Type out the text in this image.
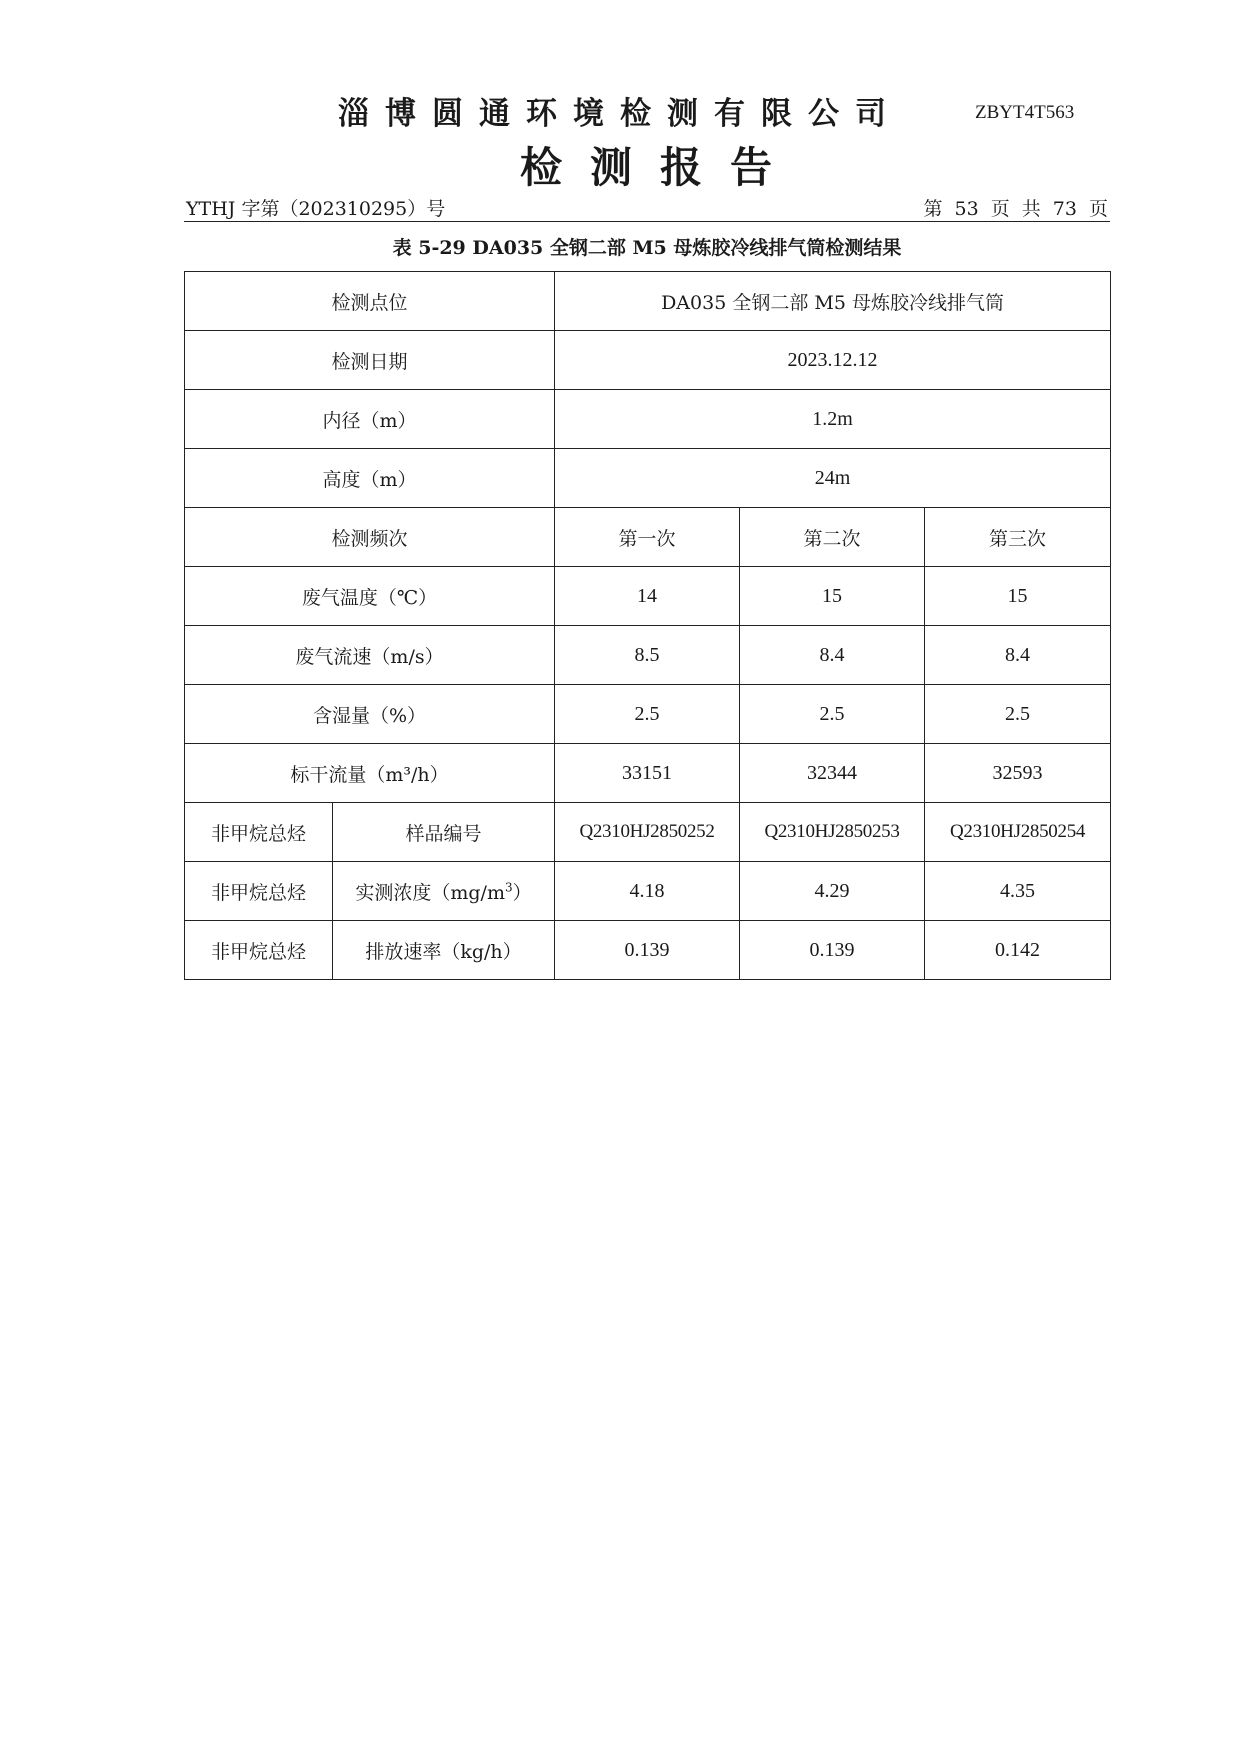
淄博圆通环境检测有限公司	ZBYT4T563
检测报告
YTHJ 字第（202310295）号	第 53 页 共 73 页
表 5-29 DA035 全钢二部 M5 母炼胶冷线排气筒检测结果
检测点位		DA035 全钢二部 M5 母炼胶冷线排气筒		
检测日期		2023.12.12		
内径（m）		1.2m		
高度（m）		24m		
检测频次		第一次	第二次	第三次
废气温度（℃）		14	15	15
废气流速（m/s）		8.5	8.4	8.4
含湿量（%）		2.5	2.5	2.5
标干流量（m³/h）		33151	32344	32593
非甲烷总烃	样品编号	Q2310HJ2850252	Q2310HJ2850253	Q2310HJ2850254
非甲烷总烃	实测浓度$(mg/m^3)$	4.18	4.29	4.35
非甲烷总烃	排放速率（kg/h）	0.139	0.139	0.142
